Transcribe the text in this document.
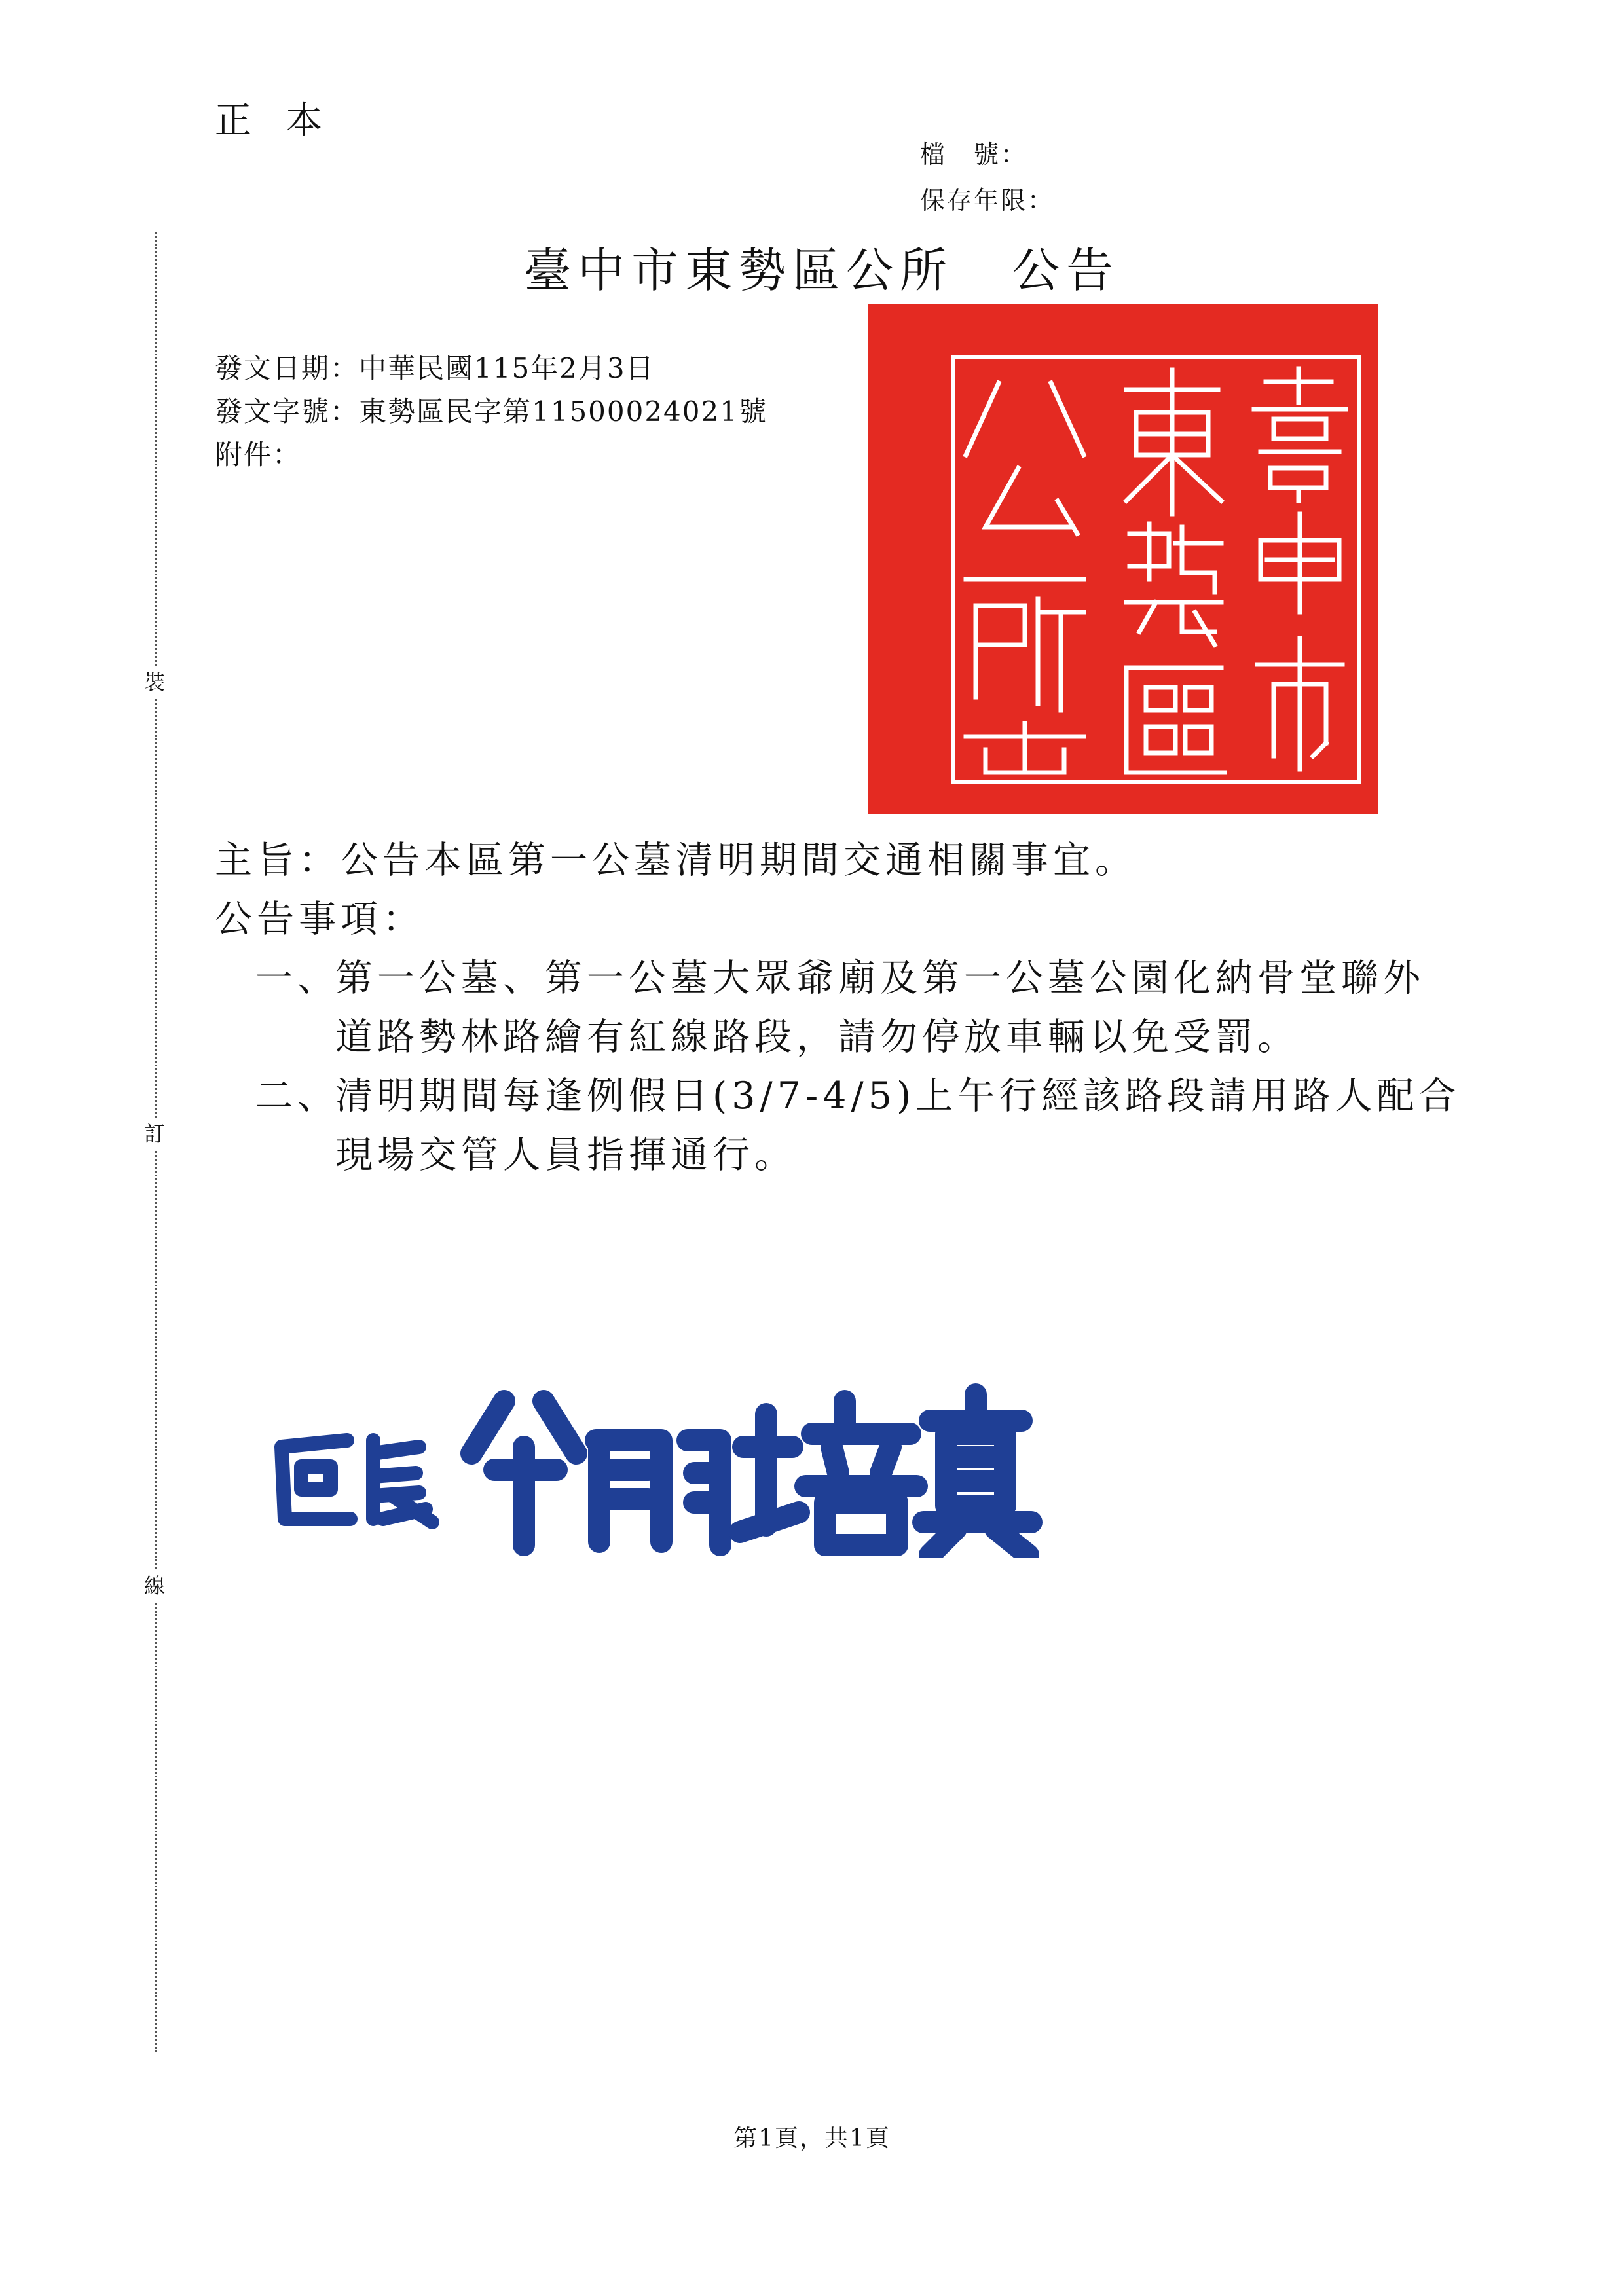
正本
檔　號：
保存年限：
裝
訂
線
臺中市東勢區公所 公告
發文日期：中華民國115年2月3日
發文字號：東勢區民字第11500024021號
附件：
主旨：公告本區第一公墓清明期間交通相關事宜。
公告事項：
一、
第一公墓、第一公墓大眾爺廟及第一公墓公園化納骨堂聯外
道路勢林路繪有紅線路段，請勿停放車輛以免受罰。
二、
清明期間每逢例假日(3/7-4/5)上午行經該路段請用路人配合
現場交管人員指揮通行。
第1頁，共1頁
